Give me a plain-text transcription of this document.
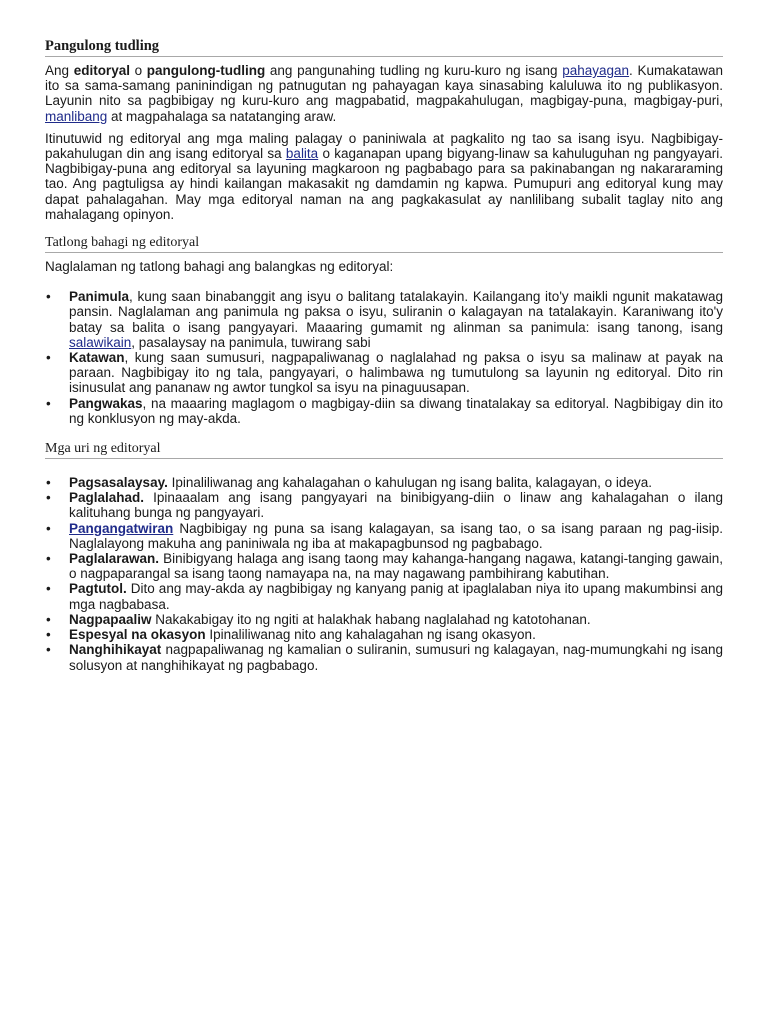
Pangulong tudling

Ang editoryal o pangulong-tudling ang pangunahing tudling ng kuru-kuro ng isang pahayagan. Kumakatawan ito sa sama-samang paninindigan ng patnugutan ng pahayagan kaya sinasabing kaluluwa ito ng publikasyon. Layunin nito sa pagbibigay ng kuru-kuro ang magpabatid, magpakahulugan, magbigay-puna, magbigay-puri, manlibang at magpahalaga sa natatanging araw.

Itinutuwid ng editoryal ang mga maling palagay o paniniwala at pagkalito ng tao sa isang isyu. Nagbibigay-pakahulugan din ang isang editoryal sa balita o kaganapan upang bigyang-linaw sa kahuluguhan ng pangyayari. Nagbibigay-puna ang editoryal sa layuning magkaroon ng pagbabago para sa pakinabangan ng nakararaming tao. Ang pagtuligsa ay hindi kailangan makasakit ng damdamin ng kapwa. Pumupuri ang editoryal kung may dapat pahalagahan. May mga editoryal naman na ang pagkakasulat ay nanlilibang subalit taglay nito ang mahalagang opinyon.

Tatlong bahagi ng editoryal

Naglalaman ng tatlong bahagi ang balangkas ng editoryal:

• Panimula, kung saan binabanggit ang isyu o balitang tatalakayin. Kailangang ito'y maikli ngunit makatawag pansin. Naglalaman ang panimula ng paksa o isyu, suliranin o kalagayan na tatalakayin. Karaniwang ito'y batay sa balita o isang pangyayari. Maaaring gumamit ng alinman sa panimula: isang tanong, isang salawikain, pasalaysay na panimula, tuwirang sabi
• Katawan, kung saan sumusuri, nagpapaliwanag o naglalahad ng paksa o isyu sa malinaw at payak na paraan. Nagbibigay ito ng tala, pangyayari, o halimbawa ng tumutulong sa layunin ng editoryal. Dito rin isinusulat ang pananaw ng awtor tungkol sa isyu na pinaguusapan.
• Pangwakas, na maaaring maglagom o magbigay-diin sa diwang tinatalakay sa editoryal. Nagbibigay din ito ng konklusyon ng may-akda.
Mga uri ng editoryal
• Pagsasalaysay. Ipinaliliwanag ang kahalagahan o kahulugan ng isang balita, kalagayan, o ideya.
• Paglalahad. Ipinaaalam ang isang pangyayari na binibigyang-diin o linaw ang kahalagahan o ilang kalituhang bunga ng pangyayari.
• Pangangatwiran Nagbibigay ng puna sa isang kalagayan, sa isang tao, o sa isang paraan ng pag-iisip. Naglalayong makuha ang paniniwala ng iba at makapagbunsod ng pagbabago.
• Paglalarawan. Binibigyang halaga ang isang taong may kahanga-hangang nagawa, katangi-tanging gawain, o nagpaparangal sa isang taong namayapa na, na may nagawang pambihirang kabutihan.
• Pagtutol. Dito ang may-akda ay nagbibigay ng kanyang panig at ipaglalaban niya ito upang makumbinsi ang mga nagbabasa.
• Nagpapaaliw Nakakabigay ito ng ngiti at halakhak habang naglalahad ng katotohanan.
• Espesyal na okasyon Ipinaliliwanag nito ang kahalagahan ng isang okasyon.
• Nanghihikayat nagpapaliwanag ng kamalian o suliranin, sumusuri ng kalagayan, nag-mumungkahi ng isang solusyon at nanghihikayat ng pagbabago.
